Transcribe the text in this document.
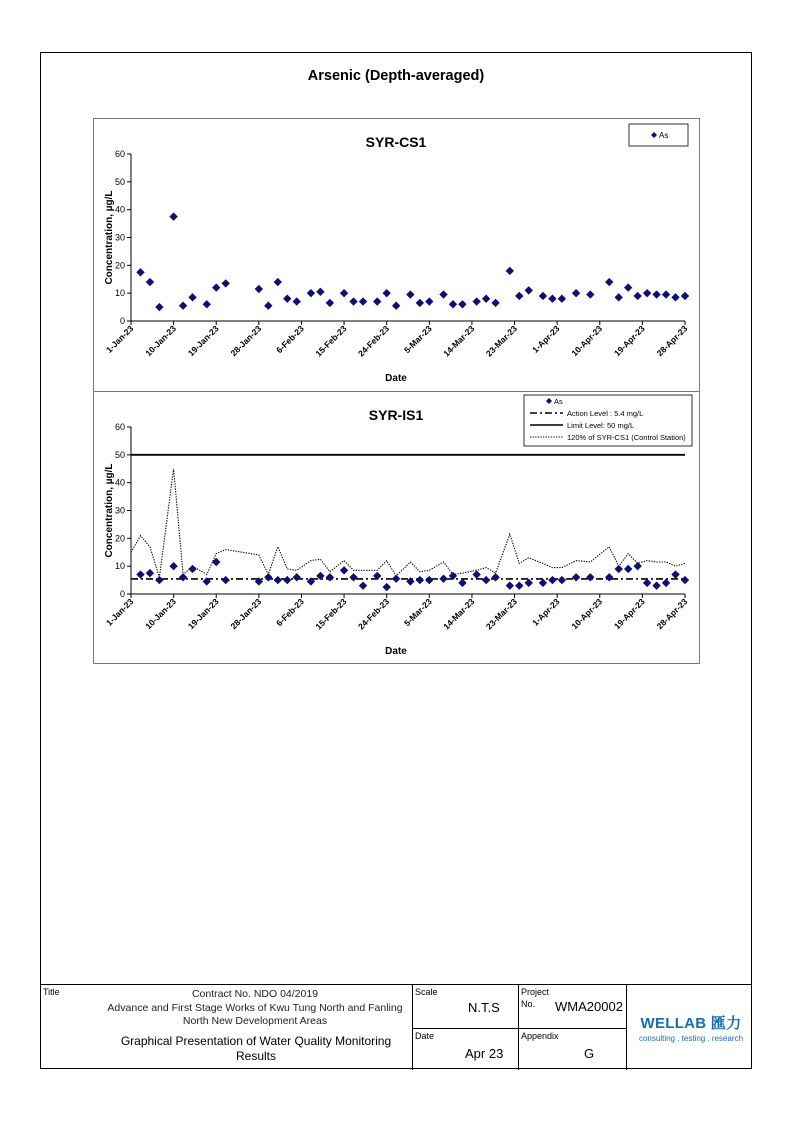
Arsenic (Depth-averaged)
SYR-CS1
0
10
20
30
40
50
60
1-Jan-23 10-Jan-23 19-Jan-23 28-Jan-23 6-Feb-23 15-Feb-23 24-Feb-23 5-Mar-23 14-Mar-23 23-Mar-23 1-Apr-23 10-Apr-23 19-Apr-23 28-Apr-23
Date
Concentration, µg/L
As
SYR-IS1
0
10
20
30
40
50
60
1-Jan-23 10-Jan-23 19-Jan-23 28-Jan-23 6-Feb-23 15-Feb-23 24-Feb-23 5-Mar-23 14-Mar-23 23-Mar-23 1-Apr-23 10-Apr-23 19-Apr-23 28-Apr-23
Date
Concentration, µg/L
As
Action Level : 5.4 mg/L
Limit Level: 50 mg/L
120% of SYR-CS1 (Control Station)
Title	Contract No. NDO 04/2019
Advance and First Stage Works of Kwu Tung North and Fanling
North New Development Areas
Graphical Presentation of Water Quality Monitoring Results
Scale
N.T.S
Date
Apr 23
Project
No. WMA20002
Appendix
G
WELLAB 匯力
consulting . testing . research
